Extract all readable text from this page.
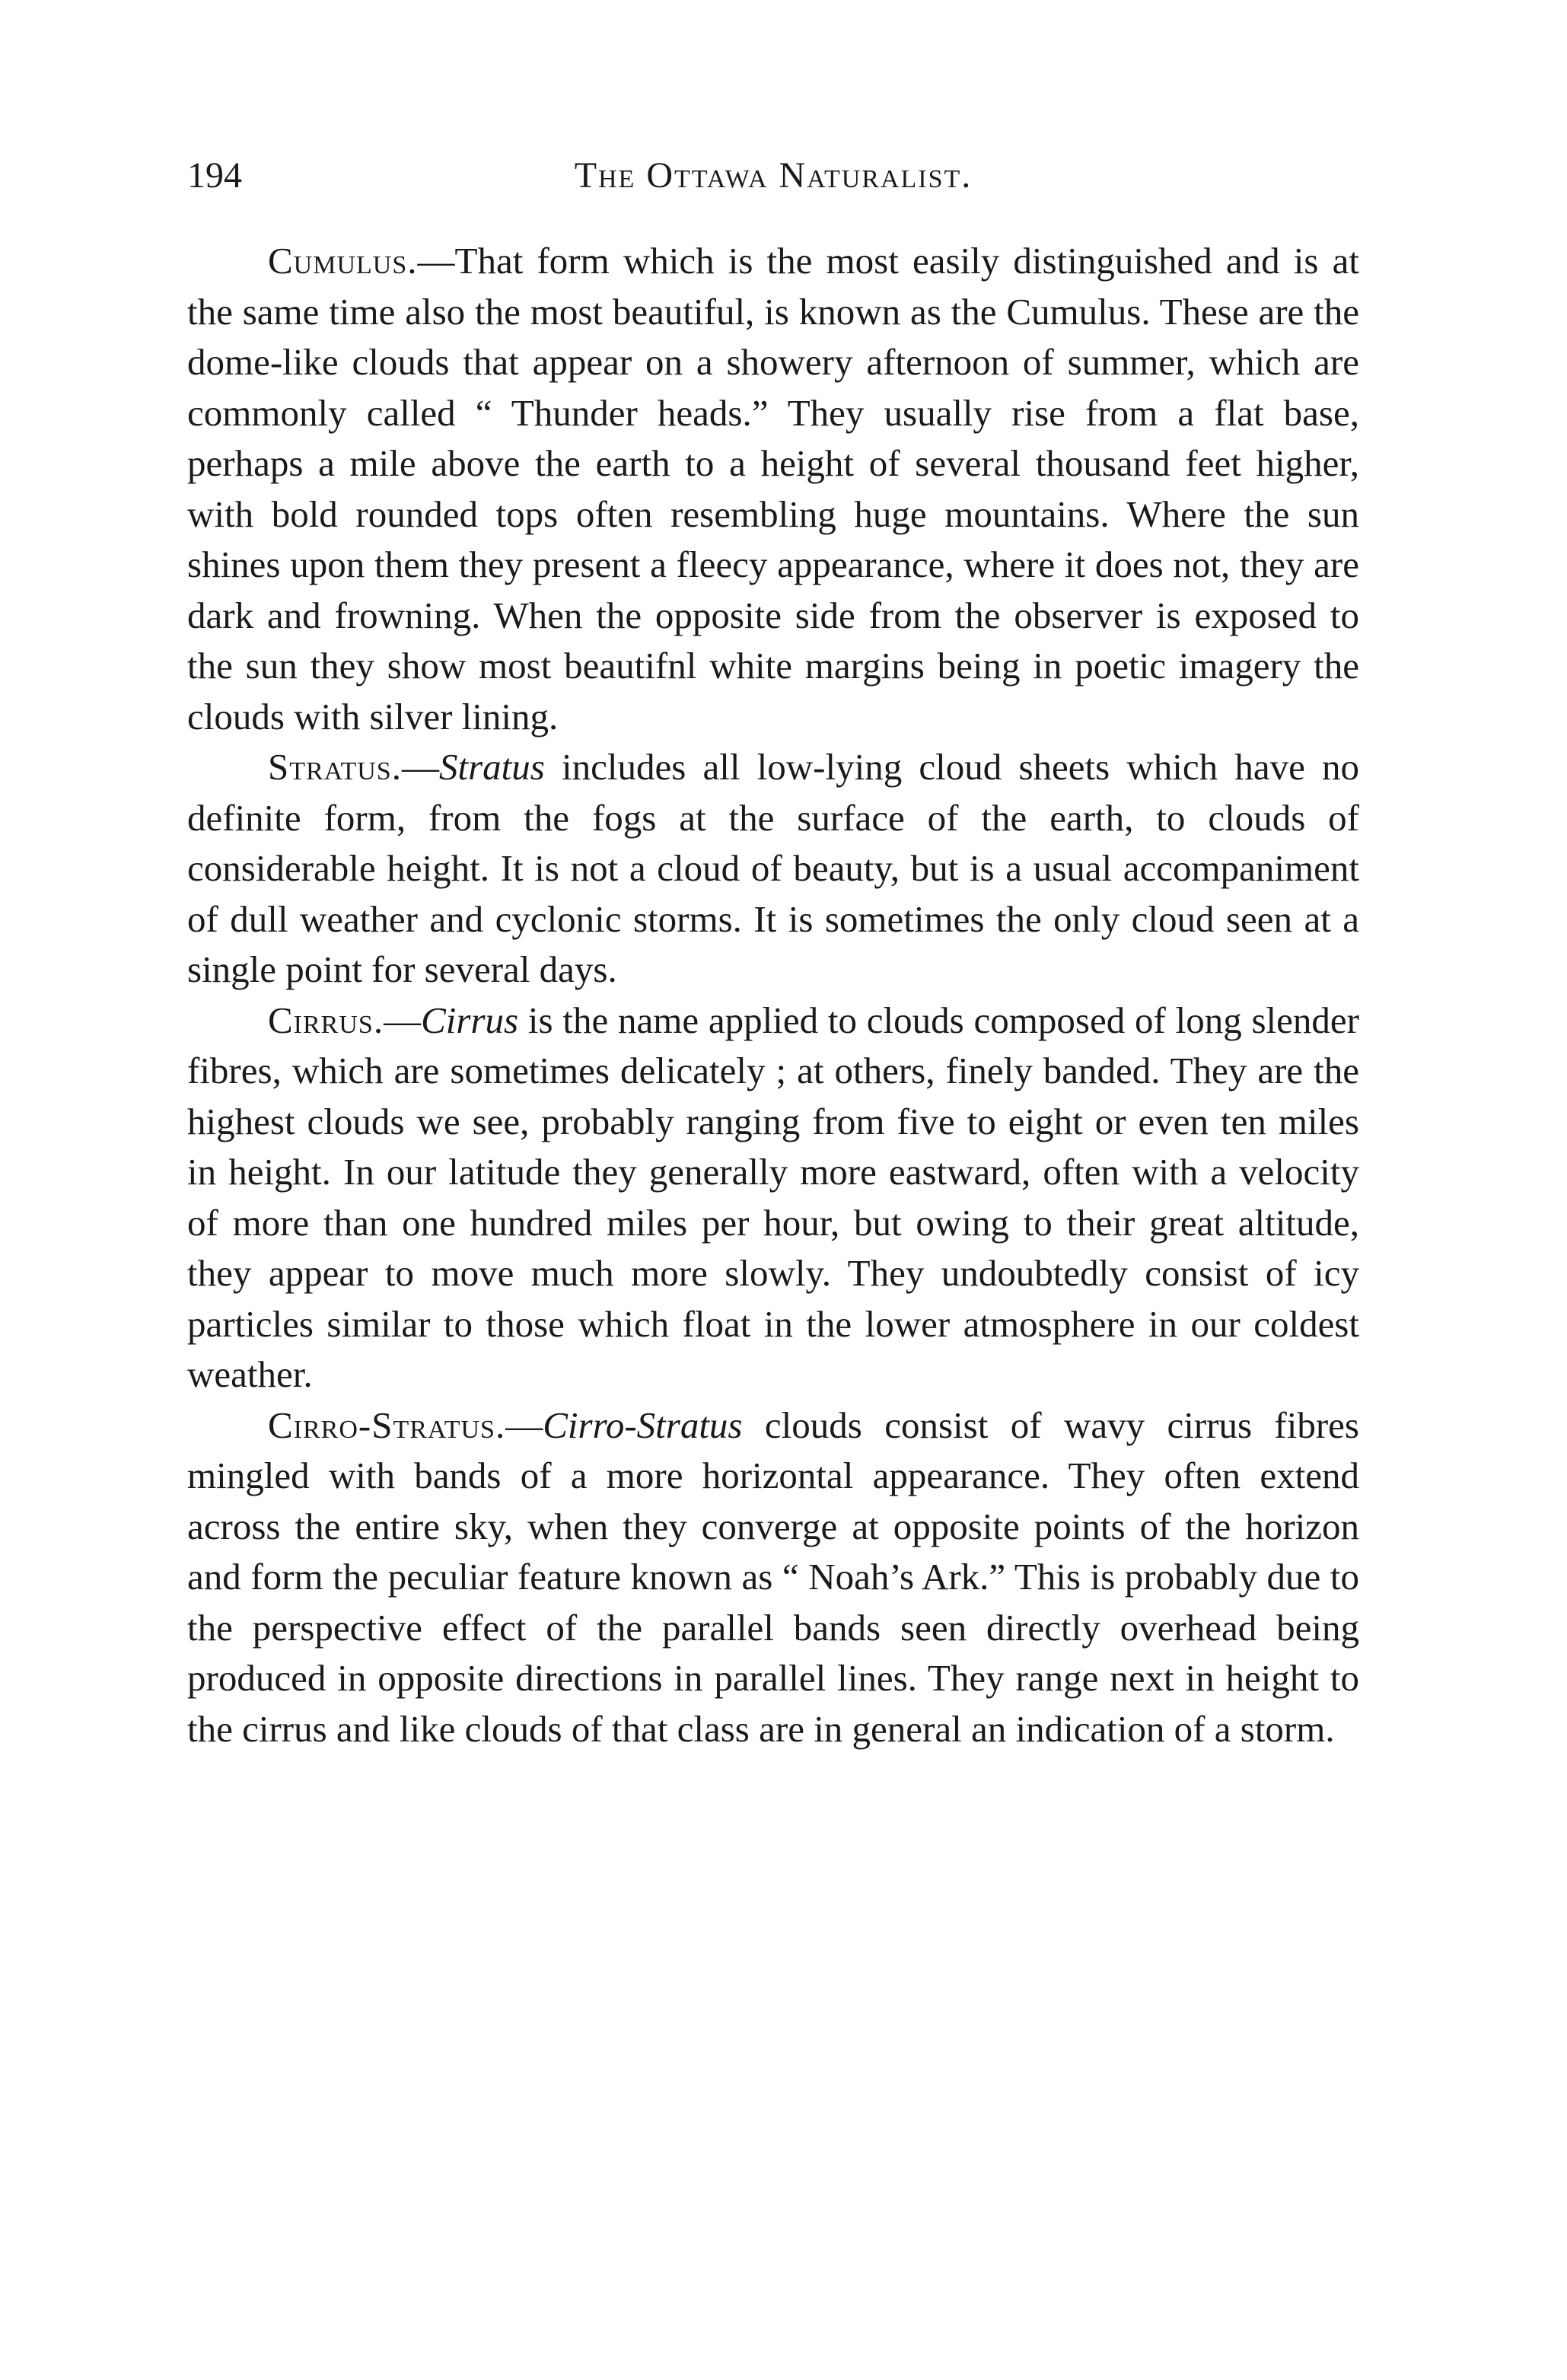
194	The Ottawa Naturalist.

Cumulus.—That form which is the most easily distinguished and is at the same time also the most beautiful, is known as the Cumulus. These are the dome-like clouds that appear on a showery afternoon of summer, which are commonly called “ Thunder heads.” They usually rise from a flat base, perhaps a mile above the earth to a height of several thousand feet higher, with bold rounded tops often resembling huge mountains. Where the sun shines upon them they present a fleecy appearance, where it does not, they are dark and frowning. When the opposite side from the observer is exposed to the sun they show most beautifnl white margins being in poetic imagery the clouds with silver lining.

Stratus.—Stratus includes all low-lying cloud sheets which have no definite form, from the fogs at the surface of the earth, to clouds of considerable height. It is not a cloud of beauty, but is a usual accompaniment of dull weather and cyclonic storms. It is sometimes the only cloud seen at a single point for several days.

Cirrus.—Cirrus is the name applied to clouds composed of long slender fibres, which are sometimes delicately ; at others, finely banded. They are the highest clouds we see, probably ranging from five to eight or even ten miles in height. In our latitude they generally more eastward, often with a velocity of more than one hundred miles per hour, but owing to their great altitude, they appear to move much more slowly. They undoubtedly consist of icy particles similar to those which float in the lower atmosphere in our coldest weather.

Cirro-Stratus.—Cirro-Stratus clouds consist of wavy cirrus fibres mingled with bands of a more horizontal appearance. They often extend across the entire sky, when they converge at opposite points of the horizon and form the peculiar feature known as “ Noah’s Ark.” This is probably due to the perspective effect of the parallel bands seen directly overhead being produced in opposite directions in parallel lines. They range next in height to the cirrus and like clouds of that class are in general an indication of a storm.
